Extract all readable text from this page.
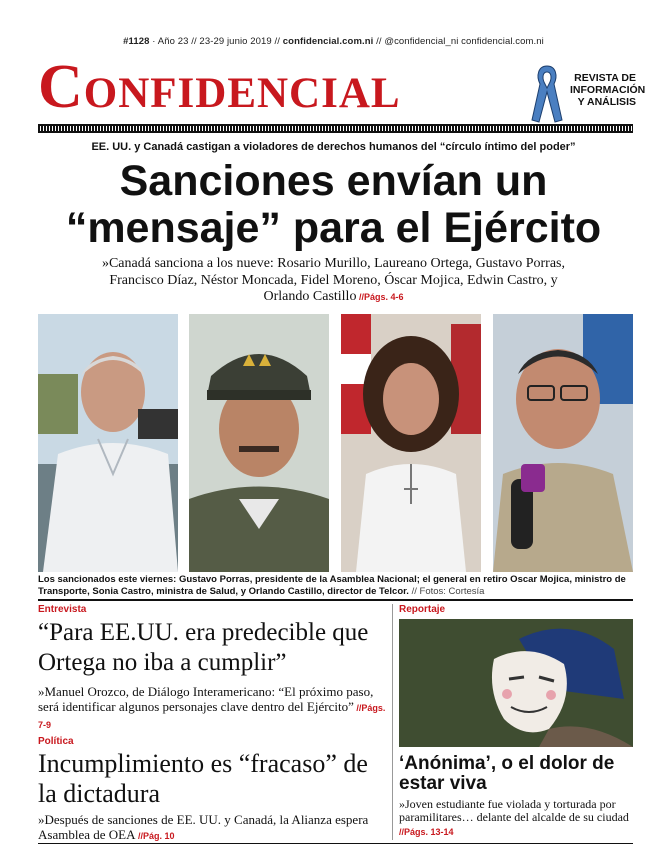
#1128 · Año 23 // 23-29 junio 2019 // confidencial.com.ni // @confidencial_ni confidencial.com.ni
Confidencial	REVISTA DE
INFORMACIÓN
Y ANÁLISIS
EE. UU. y Canadá castigan a violadores de derechos humanos del “círculo íntimo del poder”
Sanciones envían un
“mensaje” para el Ejército
»Canadá sanciona a los nueve: Rosario Murillo, Laureano Ortega, Gustavo Porras, Francisco Díaz, Néstor Moncada, Fidel Moreno, Óscar Mojica, Edwin Castro, y Orlando Castillo //Págs. 4-6
Los sancionados este viernes: Gustavo Porras, presidente de la Asamblea Nacional; el general en retiro Oscar Mojica, ministro de Transporte, Sonia Castro, ministra de Salud, y Orlando Castillo, director de Telcor. // Fotos: Cortesía
Entrevista
“Para EE.UU. era predecible que Ortega no iba a cumplir”
»Manuel Orozco, de Diálogo Interamericano: “El próximo paso, será identificar algunos personajes clave dentro del Ejército” //Págs. 7-9
Política
Incumplimiento es “fracaso” de la dictadura
»Después de sanciones de EE. UU. y Canadá, la Alianza espera Asamblea de OEA //Pág. 10
Reportaje
‘Anónima’, o el dolor de estar viva
»Joven estudiante fue violada y torturada por paramilitares… delante del alcalde de su ciudad //Págs. 13-14
